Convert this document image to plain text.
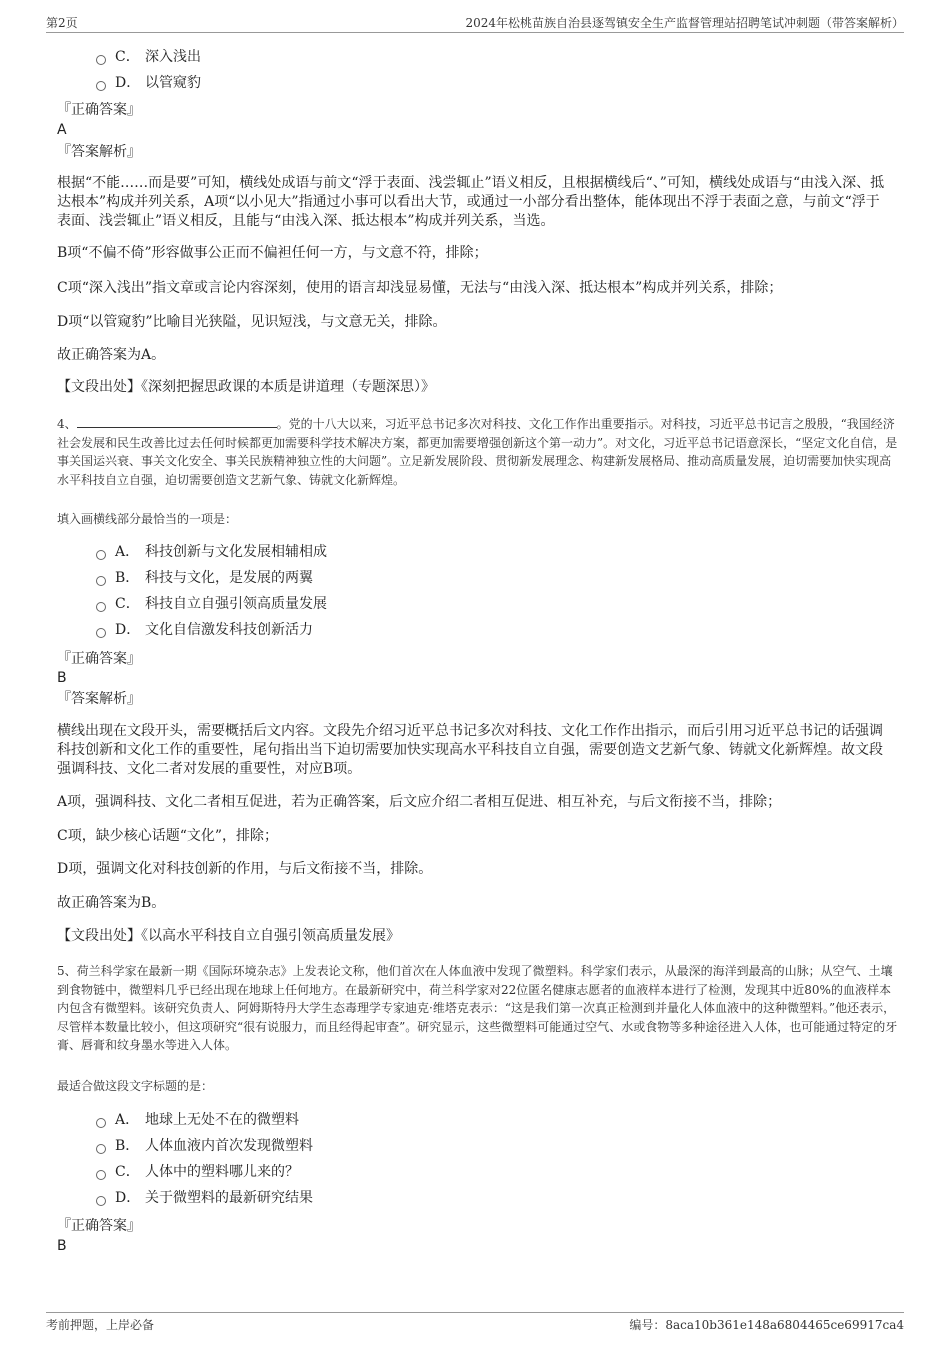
第2页	2024年松桃苗族自治县逐驾镇安全生产监督管理站招聘笔试冲刺题（带答案解析）
C． 深入浅出
D． 以管窥豹
『正确答案』
A
『答案解析』
根据“不能……而是要”可知，横线处成语与前文“浮于表面、浅尝辄止”语义相反，且根据横线后“、”可知，横线处成语与“由浅入深、抵达根本”构成并列关系，A项“以小见大”指通过小事可以看出大节，或通过一小部分看出整体，能体现出不浮于表面之意，与前文“浮于表面、浅尝辄止”语义相反，且能与“由浅入深、抵达根本”构成并列关系，当选。
B项“不偏不倚”形容做事公正而不偏袒任何一方，与文意不符，排除；
C项“深入浅出”指文章或言论内容深刻，使用的语言却浅显易懂，无法与“由浅入深、抵达根本”构成并列关系，排除；
D项“以管窥豹”比喻目光狭隘，见识短浅，与文意无关，排除。
故正确答案为A。
【文段出处】《深刻把握思政课的本质是讲道理（专题深思）》
4、	。党的十八大以来，习近平总书记多次对科技、文化工作作出重要指示。对科技，习近平总书记言之殷殷，“我国经济社会发展和民生改善比过去任何时候都更加需要科学技术解决方案，都更加需要增强创新这个第一动力”。对文化，习近平总书记语意深长，“坚定文化自信，是事关国运兴衰、事关文化安全、事关民族精神独立性的大问题”。立足新发展阶段、贯彻新发展理念、构建新发展格局、推动高质量发展，迫切需要加快实现高水平科技自立自强，迫切需要创造文艺新气象、铸就文化新辉煌。
填入画横线部分最恰当的一项是：
A． 科技创新与文化发展相辅相成
B． 科技与文化，是发展的两翼
C． 科技自立自强引领高质量发展
D． 文化自信激发科技创新活力
『正确答案』
B
『答案解析』
横线出现在文段开头，需要概括后文内容。文段先介绍习近平总书记多次对科技、文化工作作出指示，而后引用习近平总书记的话强调科技创新和文化工作的重要性，尾句指出当下迫切需要加快实现高水平科技自立自强，需要创造文艺新气象、铸就文化新辉煌。故文段强调科技、文化二者对发展的重要性，对应B项。
A项，强调科技、文化二者相互促进，若为正确答案，后文应介绍二者相互促进、相互补充，与后文衔接不当，排除；
C项，缺少核心话题“文化”，排除；
D项，强调文化对科技创新的作用，与后文衔接不当，排除。
故正确答案为B。
【文段出处】《以高水平科技自立自强引领高质量发展》
5、荷兰科学家在最新一期《国际环境杂志》上发表论文称，他们首次在人体血液中发现了微塑料。科学家们表示，从最深的海洋到最高的山脉；从空气、土壤到食物链中，微塑料几乎已经出现在地球上任何地方。在最新研究中，荷兰科学家对22位匿名健康志愿者的血液样本进行了检测，发现其中近80%的血液样本内包含有微塑料。该研究负责人、阿姆斯特丹大学生态毒理学专家迪克·维塔克表示：“这是我们第一次真正检测到并量化人体血液中的这种微塑料。”他还表示，尽管样本数量比较小，但这项研究“很有说服力，而且经得起审查”。研究显示，这些微塑料可能通过空气、水或食物等多种途径进入人体，也可能通过特定的牙膏、唇膏和纹身墨水等进入人体。
最适合做这段文字标题的是：
A． 地球上无处不在的微塑料
B． 人体血液内首次发现微塑料
C． 人体中的塑料哪儿来的？
D． 关于微塑料的最新研究结果
『正确答案』
B
考前押题，上岸必备	编号：8aca10b361e148a6804465ce69917ca4
